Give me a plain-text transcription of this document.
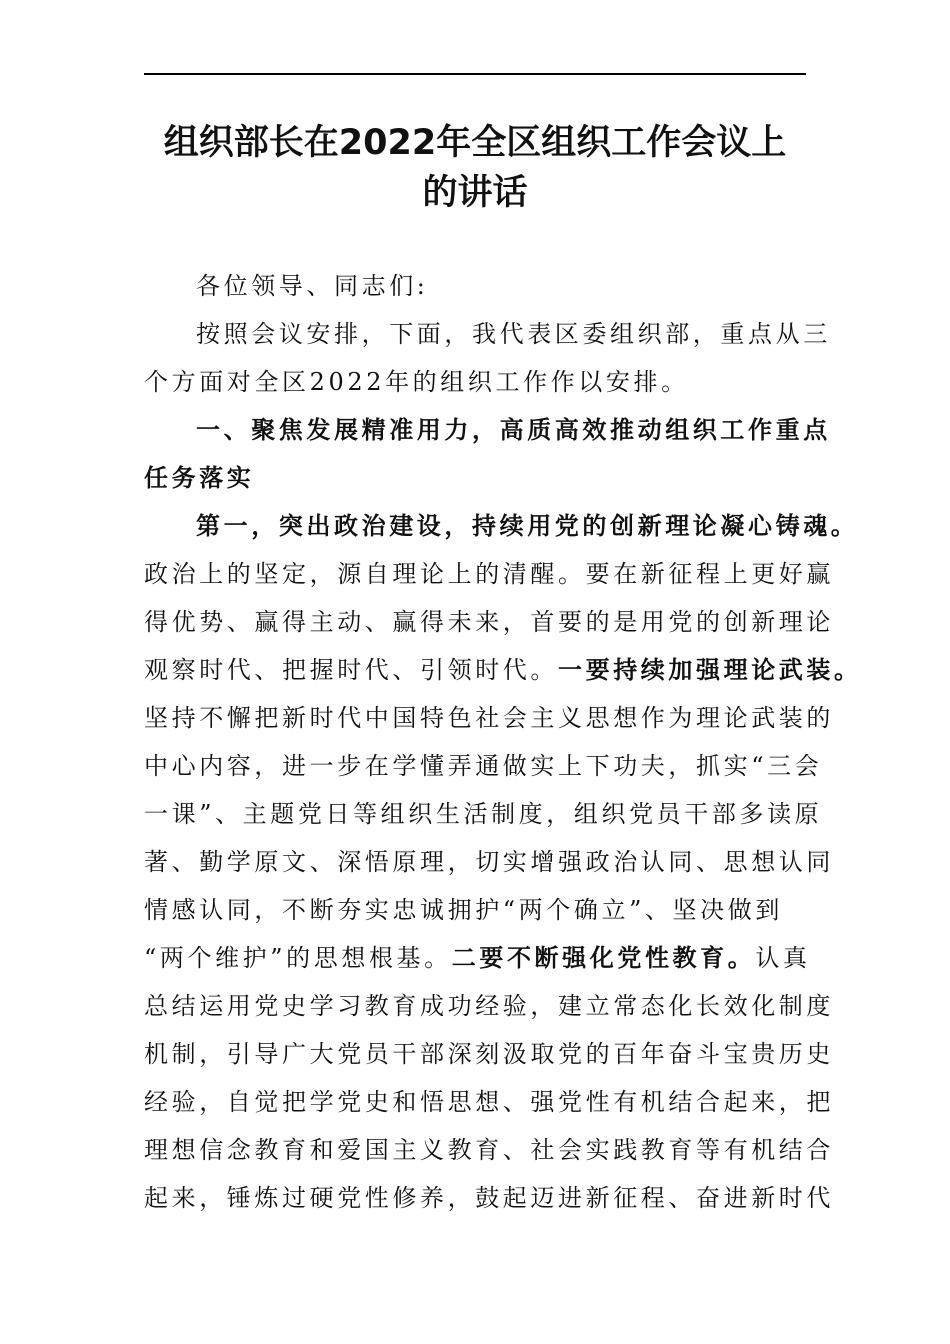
组织部长在2022年全区组织工作会议上
的讲话
各位领导、同志们:
按照会议安排，下面，我代表区委组织部，重点从三
个方面对全区2022年的组织工作作以安排。
一、聚焦发展精准用力，高质高效推动组织工作重点
任务落实
第一，突出政治建设，持续用党的创新理论凝心铸魂。
政治上的坚定，源自理论上的清醒。要在新征程上更好赢
得优势、赢得主动、赢得未来，首要的是用党的创新理论
观察时代、把握时代、引领时代。一要持续加强理论武装。
坚持不懈把新时代中国特色社会主义思想作为理论武装的
中心内容，进一步在学懂弄通做实上下功夫，抓实“三会
一课”、主题党日等组织生活制度，组织党员干部多读原
著、勤学原文、深悟原理，切实增强政治认同、思想认同
情感认同，不断夯实忠诚拥护“两个确立”、坚决做到
“两个维护”的思想根基。二要不断强化党性教育。认真
总结运用党史学习教育成功经验，建立常态化长效化制度
机制，引导广大党员干部深刻汲取党的百年奋斗宝贵历史
经验，自觉把学党史和悟思想、强党性有机结合起来，把
理想信念教育和爱国主义教育、社会实践教育等有机结合
起来，锤炼过硬党性修养，鼓起迈进新征程、奋进新时代
